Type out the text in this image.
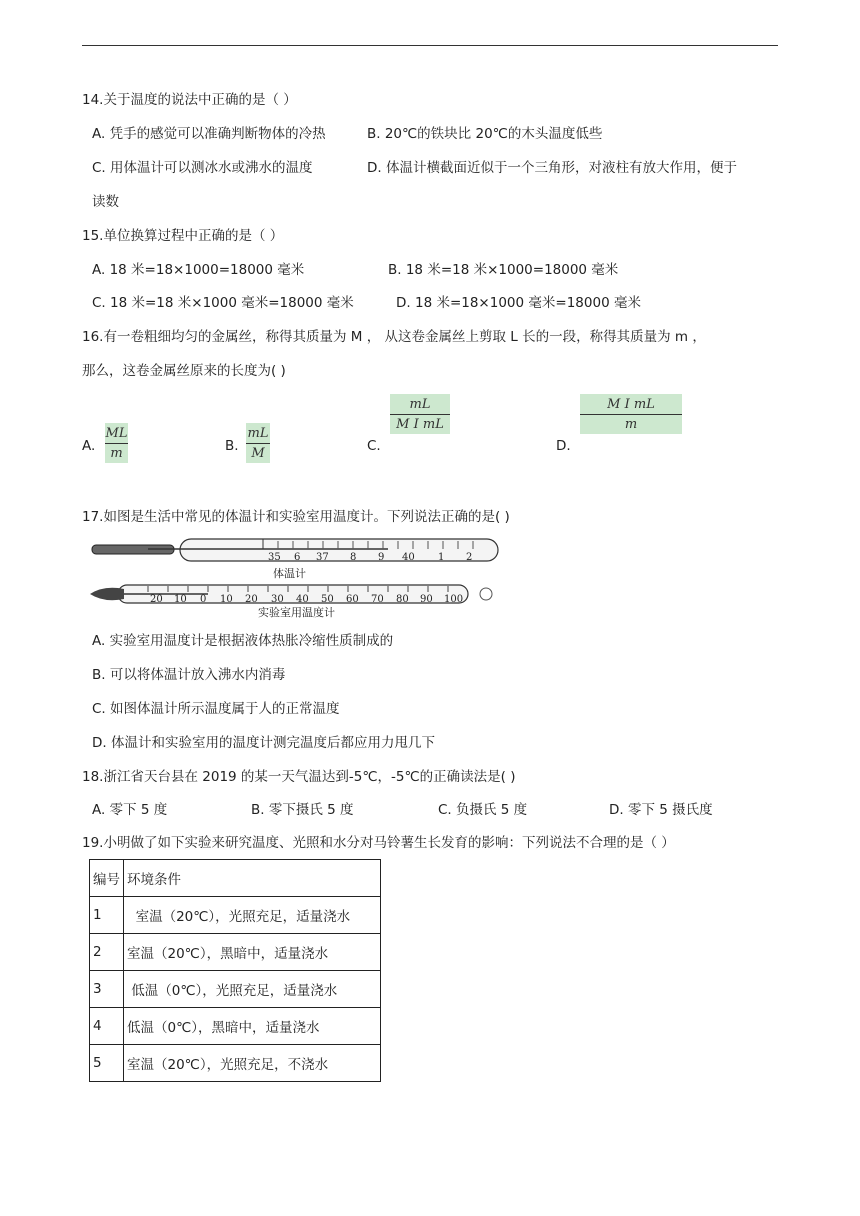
14.关于温度的说法中正确的是（ ）
A. 凭手的感觉可以准确判断物体的冷热	B. 20℃的铁块比 20℃的木头温度低些
C. 用体温计可以测冰水或沸水的温度	D. 体温计横截面近似于一个三角形，对液柱有放大作用，便于
读数
15.单位换算过程中正确的是（ ）
A. 18 米=18×1000=18000 毫米	B. 18 米=18 米×1000=18000 毫米
C. 18 米=18 米×1000 毫米=18000 毫米	D. 18 米=18×1000 毫米=18000 毫米
16.有一卷粗细均匀的金属丝，称得其质量为 M ， 从这卷金属丝上剪取 L 长的一段，称得其质量为 m ，
那么，这卷金属丝原来的长度为( )
A.
ML
m	B.
mL
M	C.
mL
M I mL
D.
M I mL
m
17.如图是生活中常见的体温计和实验室用温度计。下列说法正确的是( )
35 6 37 8 9 40 1 2
体温计
20 10 0 10 20 30 40 50 60 70 80 90 100
实验室用温度计
A. 实验室用温度计是根据液体热胀冷缩性质制成的
B. 可以将体温计放入沸水内消毒
C. 如图体温计所示温度属于人的正常温度
D. 体温计和实验室用的温度计测完温度后都应用力甩几下
18.浙江省天台县在 2019 的某一天气温达到-5℃，-5℃的正确读法是( )
A. 零下 5 度	B. 零下摄氏 5 度	C. 负摄氏 5 度	D. 零下 5 摄氏度
19.小明做了如下实验来研究温度、光照和水分对马铃薯生长发育的影响：下列说法不合理的是（ ）
编号	环境条件
1	室温（20℃），光照充足，适量浇水
2	室温（20℃），黑暗中，适量浇水
3	低温（0℃），光照充足，适量浇水
4	低温（0℃），黑暗中，适量浇水
5	室温（20℃），光照充足，不浇水
